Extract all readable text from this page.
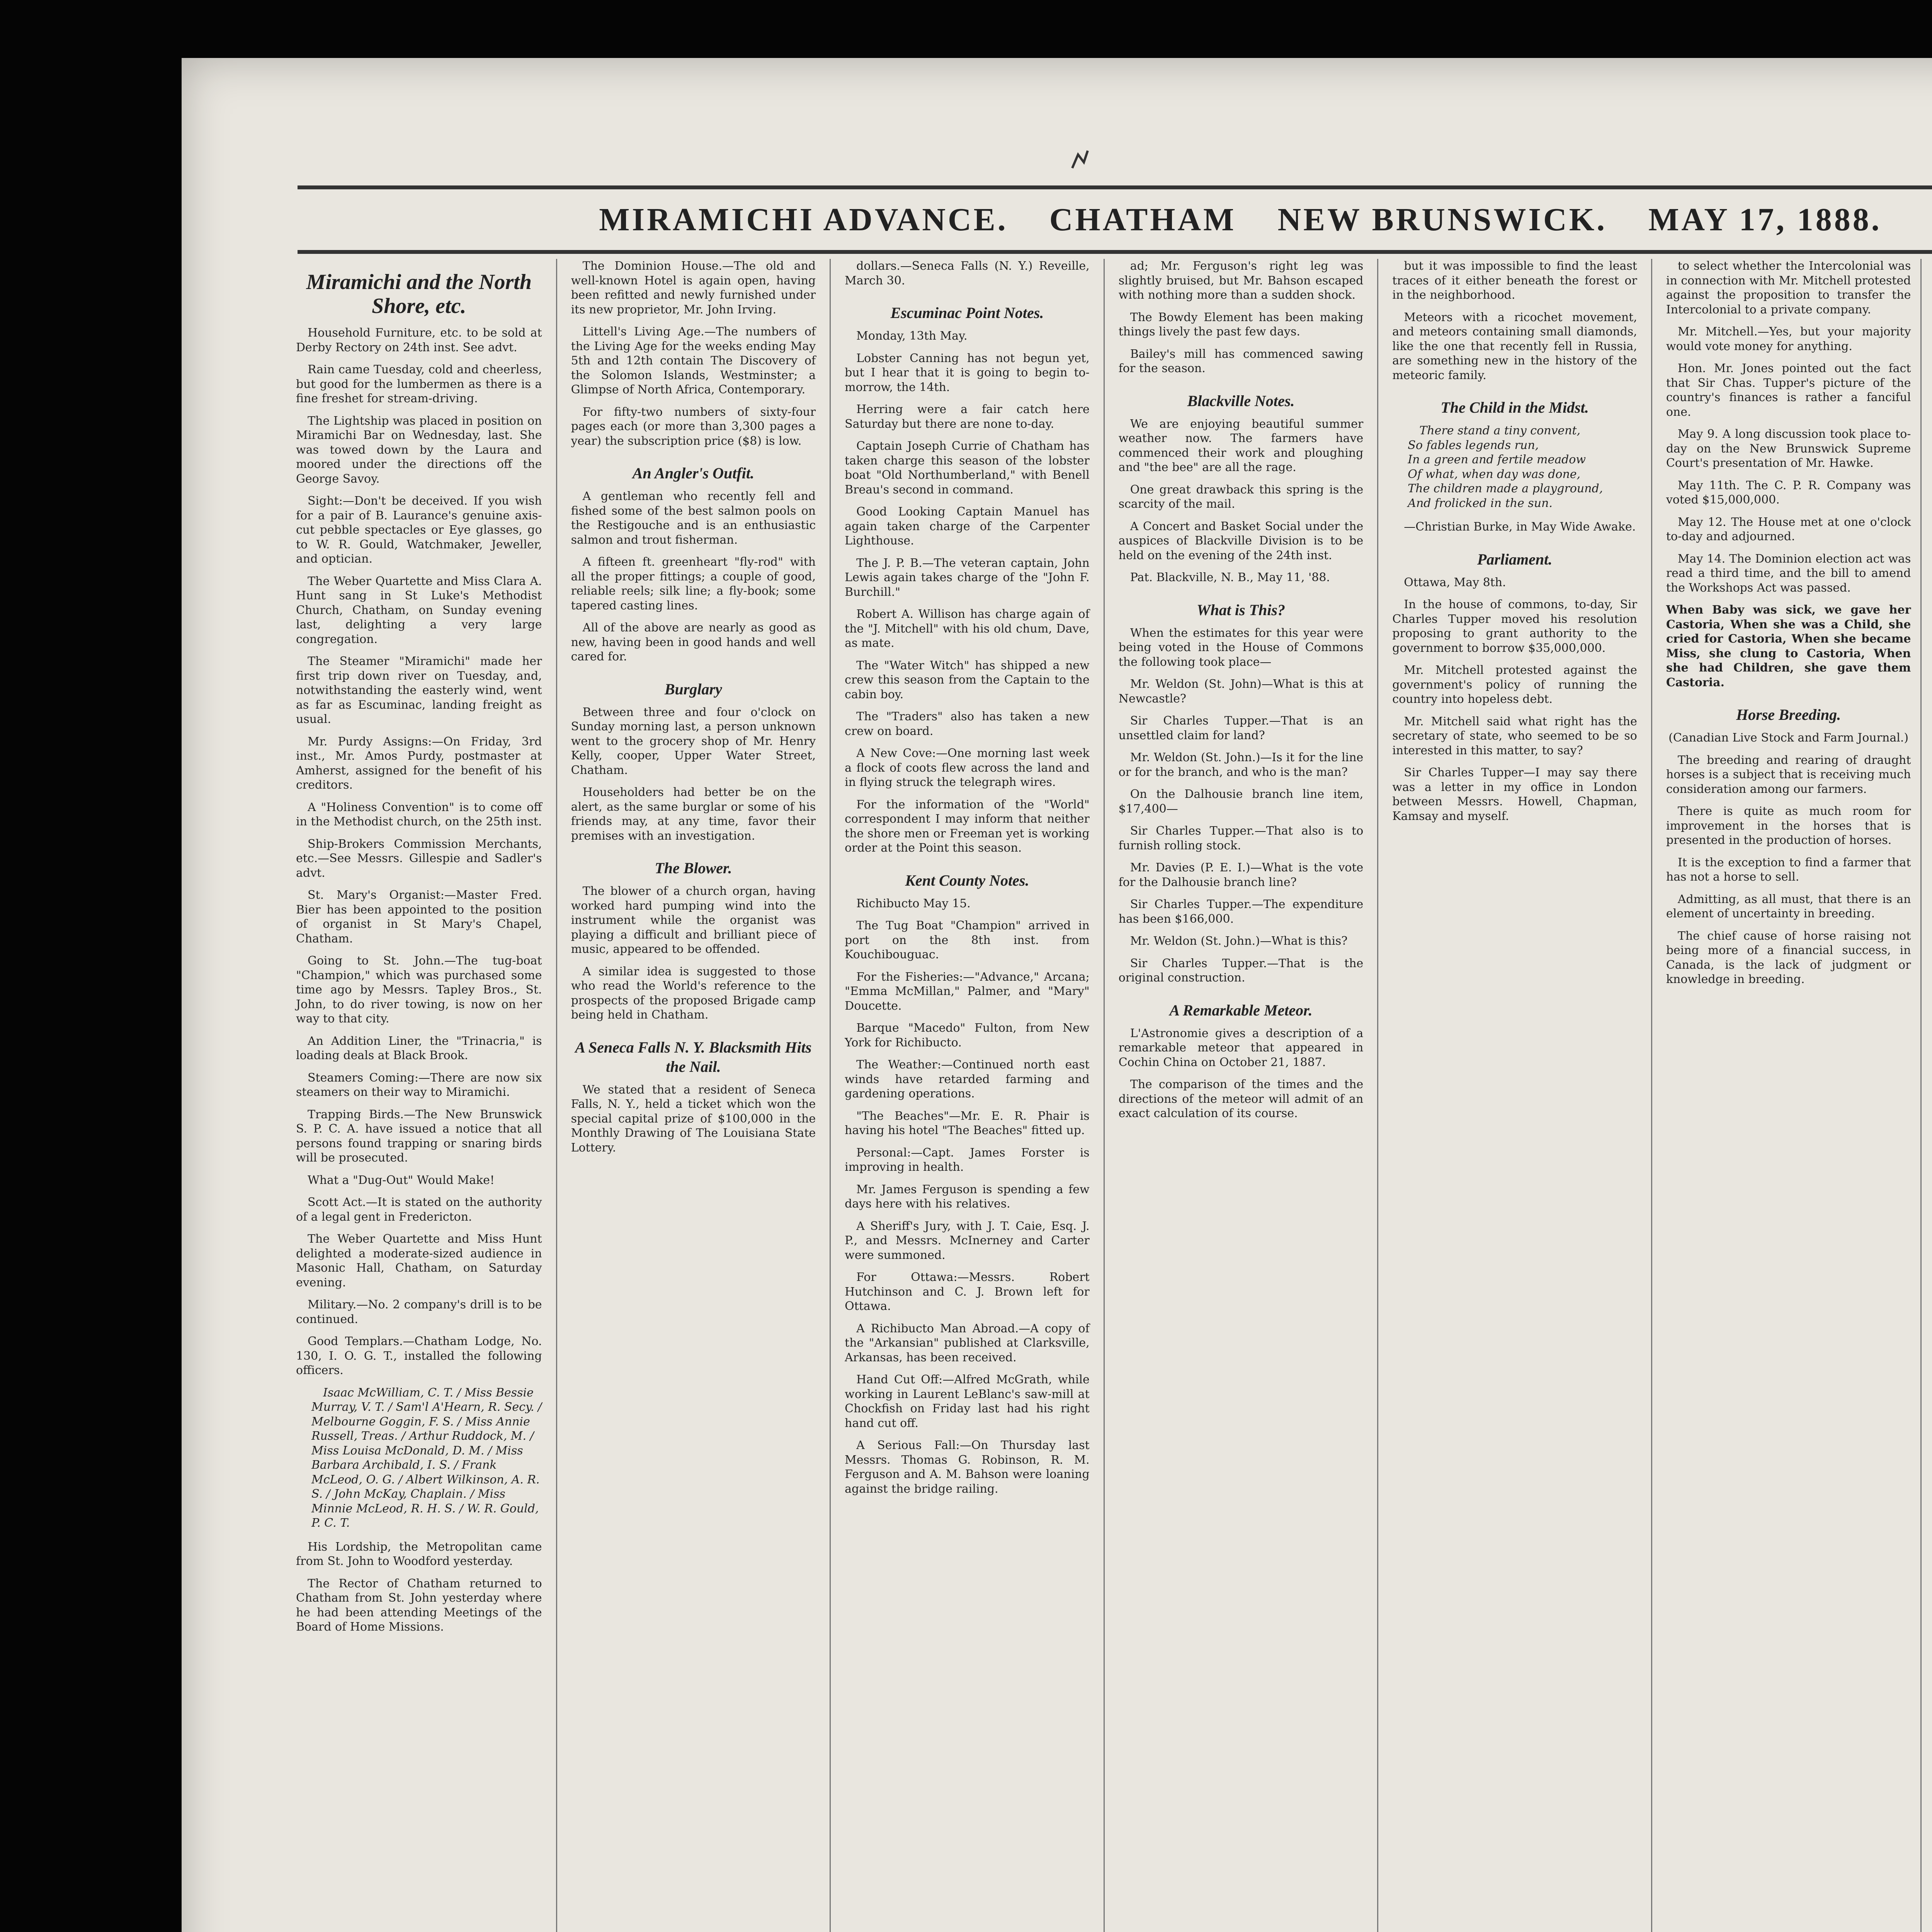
MIRAMICHI ADVANCE. CHATHAM NEW BRUNSWICK. MAY 17, 1888.
Miramichi and the North Shore, etc.

Household Furniture, etc. to be sold at Derby Rectory on 24th inst. See advt.

Rain came Tuesday, cold and cheerless, but good for the lumbermen as there is a fine freshet for stream-driving.

The Lightship was placed in position on Miramichi Bar on Wednesday, last. She was towed down by the Laura and moored under the directions off the George Savoy.

Sight:—Don't be deceived. If you wish for a pair of B. Laurance's genuine axis-cut pebble spectacles or Eye glasses, go to W. R. Gould, Watchmaker, Jeweller, and optician.

The Weber Quartette and Miss Clara A. Hunt sang in St Luke's Methodist Church, Chatham, on Sunday evening last, delighting a very large congregation.

The Steamer "Miramichi" made her first trip down river on Tuesday, and, notwithstanding the easterly wind, went as far as Escuminac, landing freight as usual.

Mr. Purdy Assigns:—On Friday, 3rd inst., Mr. Amos Purdy, postmaster at Amherst, assigned for the benefit of his creditors.

A "Holiness Convention" is to come off in the Methodist church, on the 25th inst.

Ship-Brokers Commission Merchants, etc.—See Messrs. Gillespie and Sadler's advt.

St. Mary's Organist:—Master Fred. Bier has been appointed to the position of organist in St Mary's Chapel, Chatham.

Going to St. John.—The tug-boat "Champion," which was purchased some time ago by Messrs. Tapley Bros., St. John, to do river towing, is now on her way to that city.

An Addition Liner, the "Trinacria," is loading deals at Black Brook.

Steamers Coming:—There are now six steamers on their way to Miramichi.

Trapping Birds.—The New Brunswick S. P. C. A. have issued a notice that all persons found trapping or snaring birds will be prosecuted.

What a "Dug-Out" Would Make!

Scott Act.—It is stated on the authority of a legal gent in Fredericton.

The Weber Quartette and Miss Hunt delighted a moderate-sized audience in Masonic Hall, Chatham, on Saturday evening.

Military.—No. 2 company's drill is to be continued.

Good Templars.—Chatham Lodge, No. 130, I. O. G. T., installed the following officers.

Isaac McWilliam, C. T. / Miss Bessie Murray, V. T. / Sam'l A'Hearn, R. Secy. / Melbourne Goggin, F. S. / Miss Annie Russell, Treas. / Arthur Ruddock, M. / Miss Louisa McDonald, D. M. / Miss Barbara Archibald, I. S. / Frank McLeod, O. G. / Albert Wilkinson, A. R. S. / John McKay, Chaplain. / Miss Minnie McLeod, R. H. S. / W. R. Gould, P. C. T.

His Lordship, the Metropolitan came from St. John to Woodford yesterday.

The Rector of Chatham returned to Chatham from St. John yesterday where he had been attending Meetings of the Board of Home Missions.

The Dominion House.—The old and well-known Hotel is again open, having been refitted and newly furnished under its new proprietor, Mr. John Irving.

Littell's Living Age.—The numbers of the Living Age for the weeks ending May 5th and 12th contain The Discovery of the Solomon Islands, Westminster; a Glimpse of North Africa, Contemporary.

For fifty-two numbers of sixty-four pages each (or more than 3,300 pages a year) the subscription price ($8) is low.

An Angler's Outfit.

A gentleman who recently fell and fished some of the best salmon pools on the Restigouche and is an enthusiastic salmon and trout fisherman.

A fifteen ft. greenheart "fly-rod" with all the proper fittings; a couple of good, reliable reels; silk line; a fly-book; some tapered casting lines.

All of the above are nearly as good as new, having been in good hands and well cared for.

Burglary

Between three and four o'clock on Sunday morning last, a person unknown went to the grocery shop of Mr. Henry Kelly, cooper, Upper Water Street, Chatham.

Householders had better be on the alert, as the same burglar or some of his friends may, at any time, favor their premises with an investigation.

The Blower.

The blower of a church organ, having worked hard pumping wind into the instrument while the organist was playing a difficult and brilliant piece of music, appeared to be offended.

A similar idea is suggested to those who read the World's reference to the prospects of the proposed Brigade camp being held in Chatham.

A Seneca Falls N. Y. Blacksmith Hits the Nail.

We stated that a resident of Seneca Falls, N. Y., held a ticket which won the special capital prize of $100,000 in the Monthly Drawing of The Louisiana State Lottery.

dollars.—Seneca Falls (N. Y.) Reveille, March 30.

Escuminac Point Notes.

Monday, 13th May.

Lobster Canning has not begun yet, but I hear that it is going to begin to-morrow, the 14th.

Herring were a fair catch here Saturday but there are none to-day.

Captain Joseph Currie of Chatham has taken charge this season of the lobster boat "Old Northumberland," with Benell Breau's second in command.

Good Looking Captain Manuel has again taken charge of the Carpenter Lighthouse.

The J. P. B.—The veteran captain, John Lewis again takes charge of the "John F. Burchill."

Robert A. Willison has charge again of the "J. Mitchell" with his old chum, Dave, as mate.

The "Water Witch" has shipped a new crew this season from the Captain to the cabin boy.

The "Traders" also has taken a new crew on board.

A New Cove:—One morning last week a flock of coots flew across the land and in flying struck the telegraph wires.

For the information of the "World" correspondent I may inform that neither the shore men or Freeman yet is working order at the Point this season.

Kent County Notes.

Richibucto May 15.

The Tug Boat "Champion" arrived in port on the 8th inst. from Kouchibouguac.

For the Fisheries:—"Advance," Arcana; "Emma McMillan," Palmer, and "Mary" Doucette.

Barque "Macedo" Fulton, from New York for Richibucto.

The Weather:—Continued north east winds have retarded farming and gardening operations.

"The Beaches"—Mr. E. R. Phair is having his hotel "The Beaches" fitted up.

Personal:—Capt. James Forster is improving in health.

Mr. James Ferguson is spending a few days here with his relatives.

A Sheriff's Jury, with J. T. Caie, Esq. J. P., and Messrs. McInerney and Carter were summoned.

For Ottawa:—Messrs. Robert Hutchinson and C. J. Brown left for Ottawa.

A Richibucto Man Abroad.—A copy of the "Arkansian" published at Clarksville, Arkansas, has been received.

Hand Cut Off:—Alfred McGrath, while working in Laurent LeBlanc's saw-mill at Chockfish on Friday last had his right hand cut off.

A Serious Fall:—On Thursday last Messrs. Thomas G. Robinson, R. M. Ferguson and A. M. Bahson were loaning against the bridge railing.

ad; Mr. Ferguson's right leg was slightly bruised, but Mr. Bahson escaped with nothing more than a sudden shock.

The Bowdy Element has been making things lively the past few days.

Bailey's mill has commenced sawing for the season.

Blackville Notes.

We are enjoying beautiful summer weather now. The farmers have commenced their work and ploughing and "the bee" are all the rage.

One great drawback this spring is the scarcity of the mail.

A Concert and Basket Social under the auspices of Blackville Division is to be held on the evening of the 24th inst.

Pat. Blackville, N. B., May 11, '88.

What is This?

When the estimates for this year were being voted in the House of Commons the following took place—

Mr. Weldon (St. John)—What is this at Newcastle?

Sir Charles Tupper.—That is an unsettled claim for land?

Mr. Weldon (St. John.)—Is it for the line or for the branch, and who is the man?

On the Dalhousie branch line item, $17,400—

Sir Charles Tupper.—That also is to furnish rolling stock.

Mr. Davies (P. E. I.)—What is the vote for the Dalhousie branch line?

Sir Charles Tupper.—The expenditure has been $166,000.

Mr. Weldon (St. John.)—What is this?

Sir Charles Tupper.—That is the original construction.

A Remarkable Meteor.

L'Astronomie gives a description of a remarkable meteor that appeared in Cochin China on October 21, 1887.

The comparison of the times and the directions of the meteor will admit of an exact calculation of its course.

but it was impossible to find the least traces of it either beneath the forest or in the neighborhood.

Meteors with a ricochet movement, and meteors containing small diamonds, like the one that recently fell in Russia, are something new in the history of the meteoric family.

The Child in the Midst.

There stand a tiny convent,
So fables legends run,
In a green and fertile meadow
Of what, when day was done,
The children made a playground,
And frolicked in the sun.

—Christian Burke, in May Wide Awake.

Parliament.

Ottawa, May 8th.

In the house of commons, to-day, Sir Charles Tupper moved his resolution proposing to grant authority to the government to borrow $35,000,000.

Mr. Mitchell protested against the government's policy of running the country into hopeless debt.

Mr. Mitchell said what right has the secretary of state, who seemed to be so interested in this matter, to say?

Sir Charles Tupper—I may say there was a letter in my office in London between Messrs. Howell, Chapman, Kamsay and myself.

to select whether the Intercolonial was in connection with Mr. Mitchell protested against the proposition to transfer the Intercolonial to a private company.

Mr. Mitchell.—Yes, but your majority would vote money for anything.

Hon. Mr. Jones pointed out the fact that Sir Chas. Tupper's picture of the country's finances is rather a fanciful one.

May 9. A long discussion took place to-day on the New Brunswick Supreme Court's presentation of Mr. Hawke.

May 11th. The C. P. R. Company was voted $15,000,000.

May 12. The House met at one o'clock to-day and adjourned.

May 14. The Dominion election act was read a third time, and the bill to amend the Workshops Act was passed.

When Baby was sick, we gave her Castoria, When she was a Child, she cried for Castoria, When she became Miss, she clung to Castoria, When she had Children, she gave them Castoria.

Horse Breeding.

(Canadian Live Stock and Farm Journal.)

The breeding and rearing of draught horses is a subject that is receiving much consideration among our farmers.

There is quite as much room for improvement in the horses that is presented in the production of horses.

It is the exception to find a farmer that has not a horse to sell.

Admitting, as all must, that there is an element of uncertainty in breeding.

The chief cause of horse raising not being more of a financial success, in Canada, is the lack of judgment or knowledge in breeding.
